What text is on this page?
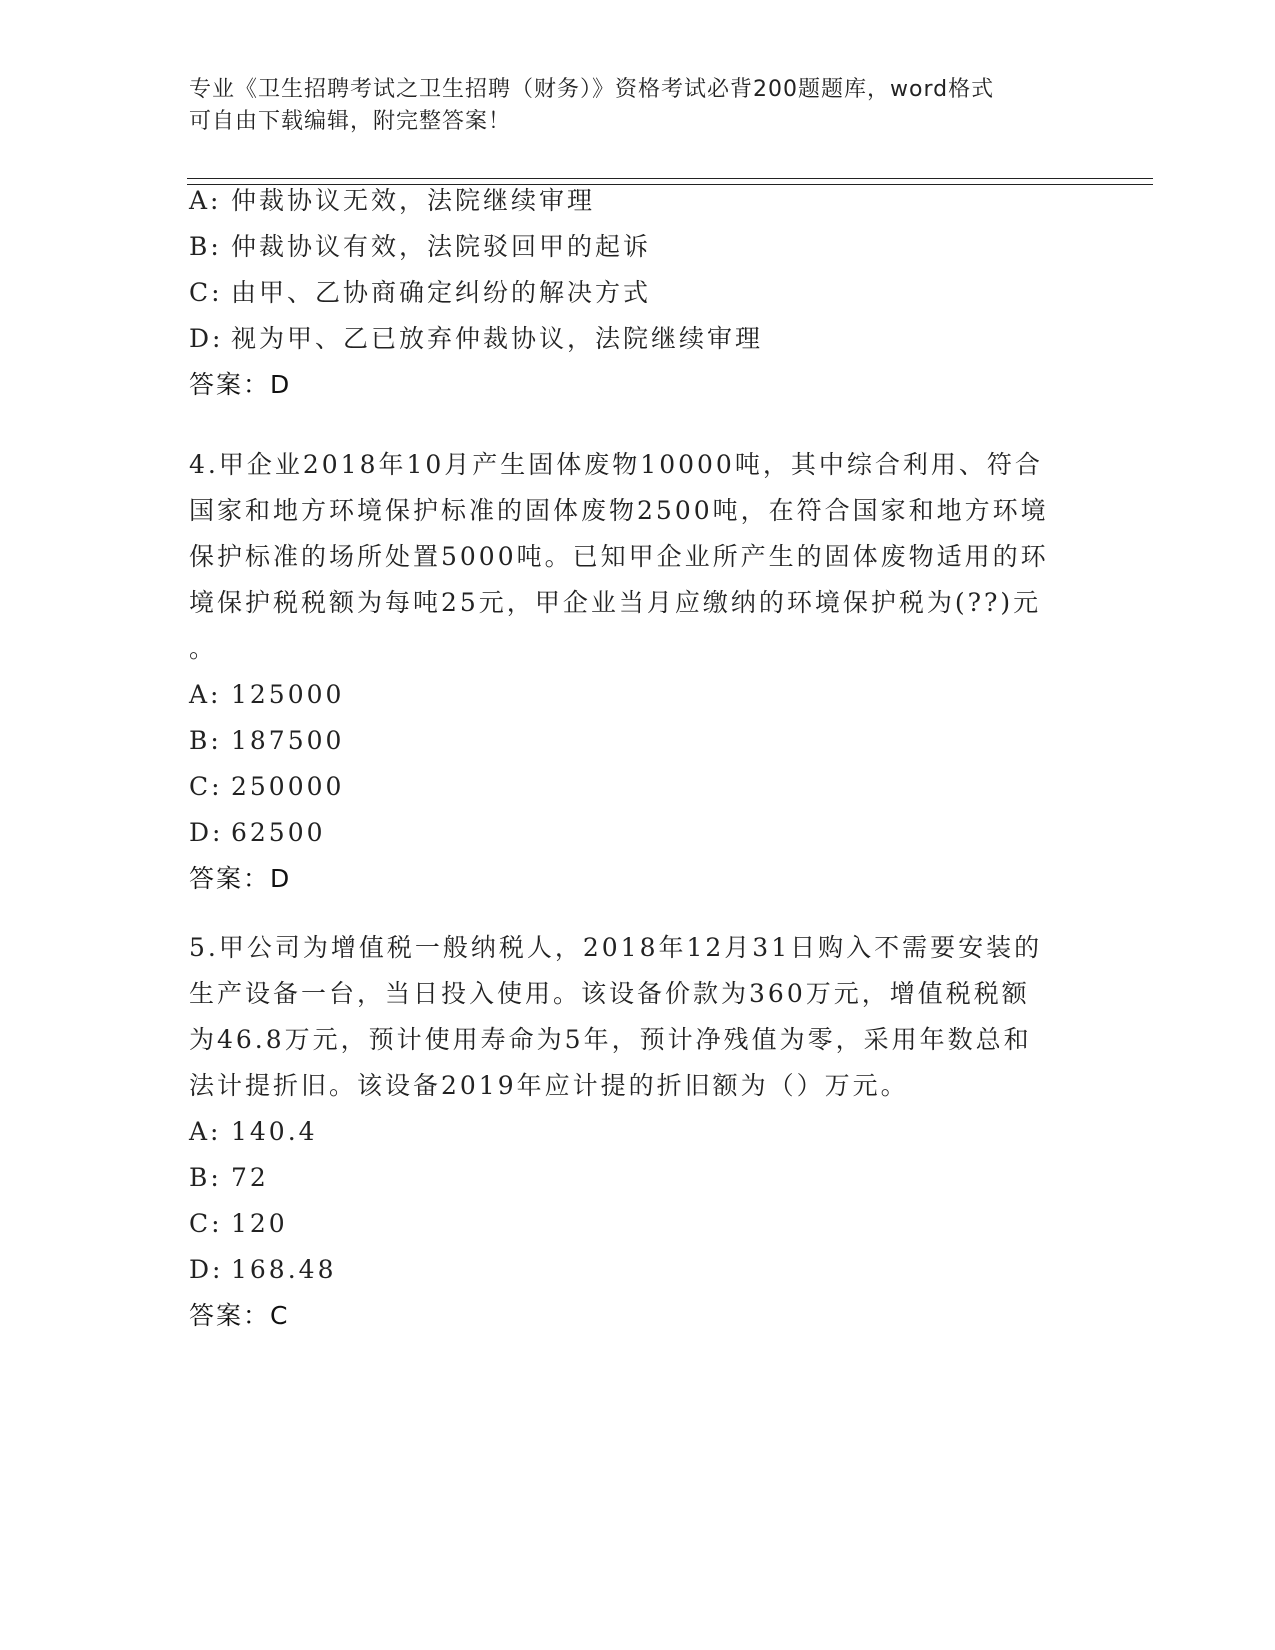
专业《卫生招聘考试之卫生招聘（财务）》资格考试必背200题题库，word格式
可自由下载编辑，附完整答案！
A: 仲裁协议无效，法院继续审理
B: 仲裁协议有效，法院驳回甲的起诉
C: 由甲、乙协商确定纠纷的解决方式
D: 视为甲、乙已放弃仲裁协议，法院继续审理
答案：D
4.甲企业2018年10月产生固体废物10000吨，其中综合利用、符合
国家和地方环境保护标准的固体废物2500吨，在符合国家和地方环境
保护标准的场所处置5000吨。已知甲企业所产生的固体废物适用的环
境保护税税额为每吨25元，甲企业当月应缴纳的环境保护税为(??)元
。
A: 125000
B: 187500
C: 250000
D: 62500
答案：D
5.甲公司为增值税一般纳税人，2018年12月31日购入不需要安装的
生产设备一台，当日投入使用。该设备价款为360万元，增值税税额
为46.8万元，预计使用寿命为5年，预计净残值为零，采用年数总和
法计提折旧。该设备2019年应计提的折旧额为（）万元。
A: 140.4
B: 72
C: 120
D: 168.48
答案：C
